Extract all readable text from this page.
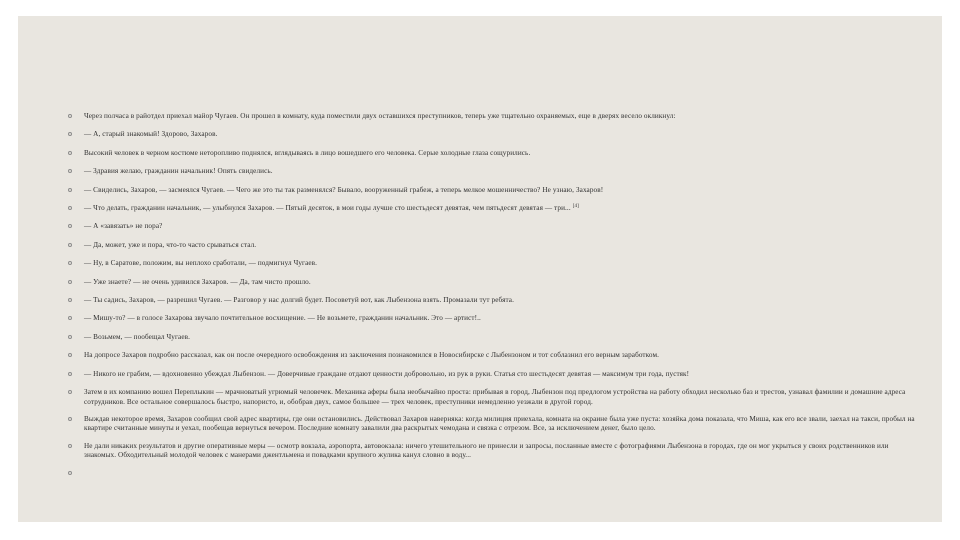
Через полчаса в райотдел приехал майор Чугаев. Он прошел в комнату, куда поместили двух оставшихся преступников, теперь уже тщательно охраняемых, еще в дверях весело окликнул:
— А, старый знакомый! Здорово, Захаров.
Высокий человек в черном костюме неторопливо поднялся, вглядываясь в лицо вошедшего его человека. Серые холодные глаза сощурились.
— Здравия желаю, гражданин начальник! Опять свиделись.
— Свиделись, Захаров, — засмеялся Чугаев. — Чего же это ты так разменялся? Бывало, вооруженный грабеж, а теперь мелкое мошенничество? Не узнаю, Захаров!
— Что делать, гражданин начальник, — улыбнулся Захаров. — Пятый десяток, в мои годы лучше сто шестьдесят девятая, чем пятьдесят девятая — три... [4]
— А «завязать» не пора?
— Да, может, уже и пора, что-то часто срываться стал.
— Ну, в Саратове, положим, вы неплохо сработали, — подмигнул Чугаев.
— Уже знаете? — не очень удивился Захаров. — Да, там чисто прошло.
— Ты садись, Захаров, — разрешил Чугаев. — Разговор у нас долгий будет. Посоветуй вот, как Лыбензона взять. Промазали тут ребята.
— Мишу-то? — в голосе Захарова звучало почтительное восхищение. — Не возьмете, гражданин начальник. Это — артист!..
— Возьмем, — пообещал Чугаев.
На допросе Захаров подробно рассказал, как он после очередного освобождения из заключения познакомился в Новосибирске с Лыбензоном и тот соблазнил его верным заработком.
— Никого не грабим, — вдохновенно убеждал Лыбензон. — Доверчивые граждане отдают ценности добровольно, из рук в руки. Статья сто шестьдесят девятая — максимум три года, пустяк!
Затем в их компанию вошел Переплыкин — мрачноватый угрюмый человечек. Механика аферы была необычайно проста: прибывая в город, Лыбензон под предлогом устройства на работу обходил несколько баз и трестов, узнавал фамилии и домашние адреса сотрудников. Все остальное совершалось быстро, напористо, и, обобрав двух, самое большее — трех человек, преступники немедленно уезжали в другой город.
Выждав некоторое время, Захаров сообщил свой адрес квартиры, где они остановились. Действовал Захаров наверняка: когда милиция приехала, комната на окраине была уже пуста: хозяйка дома показала, что Миша, как его все звали, заехал на такси, пробыл на квартире считанные минуты и уехал, пообещав вернуться вечером. Последние комнату завалили два раскрытых чемодана и связка с отрезом. Все, за исключением денег, было цело.
Не дали никаких результатов и другие оперативные меры — осмотр вокзала, аэропорта, автовокзала: ничего утешительного не принесли и запросы, посланные вместе с фотографиями Лыбензона в городах, где он мог укрыться у своих родственников или знакомых. Обходительный молодой человек с манерами джентльмена и повадками крупного жулика канул словно в воду...
